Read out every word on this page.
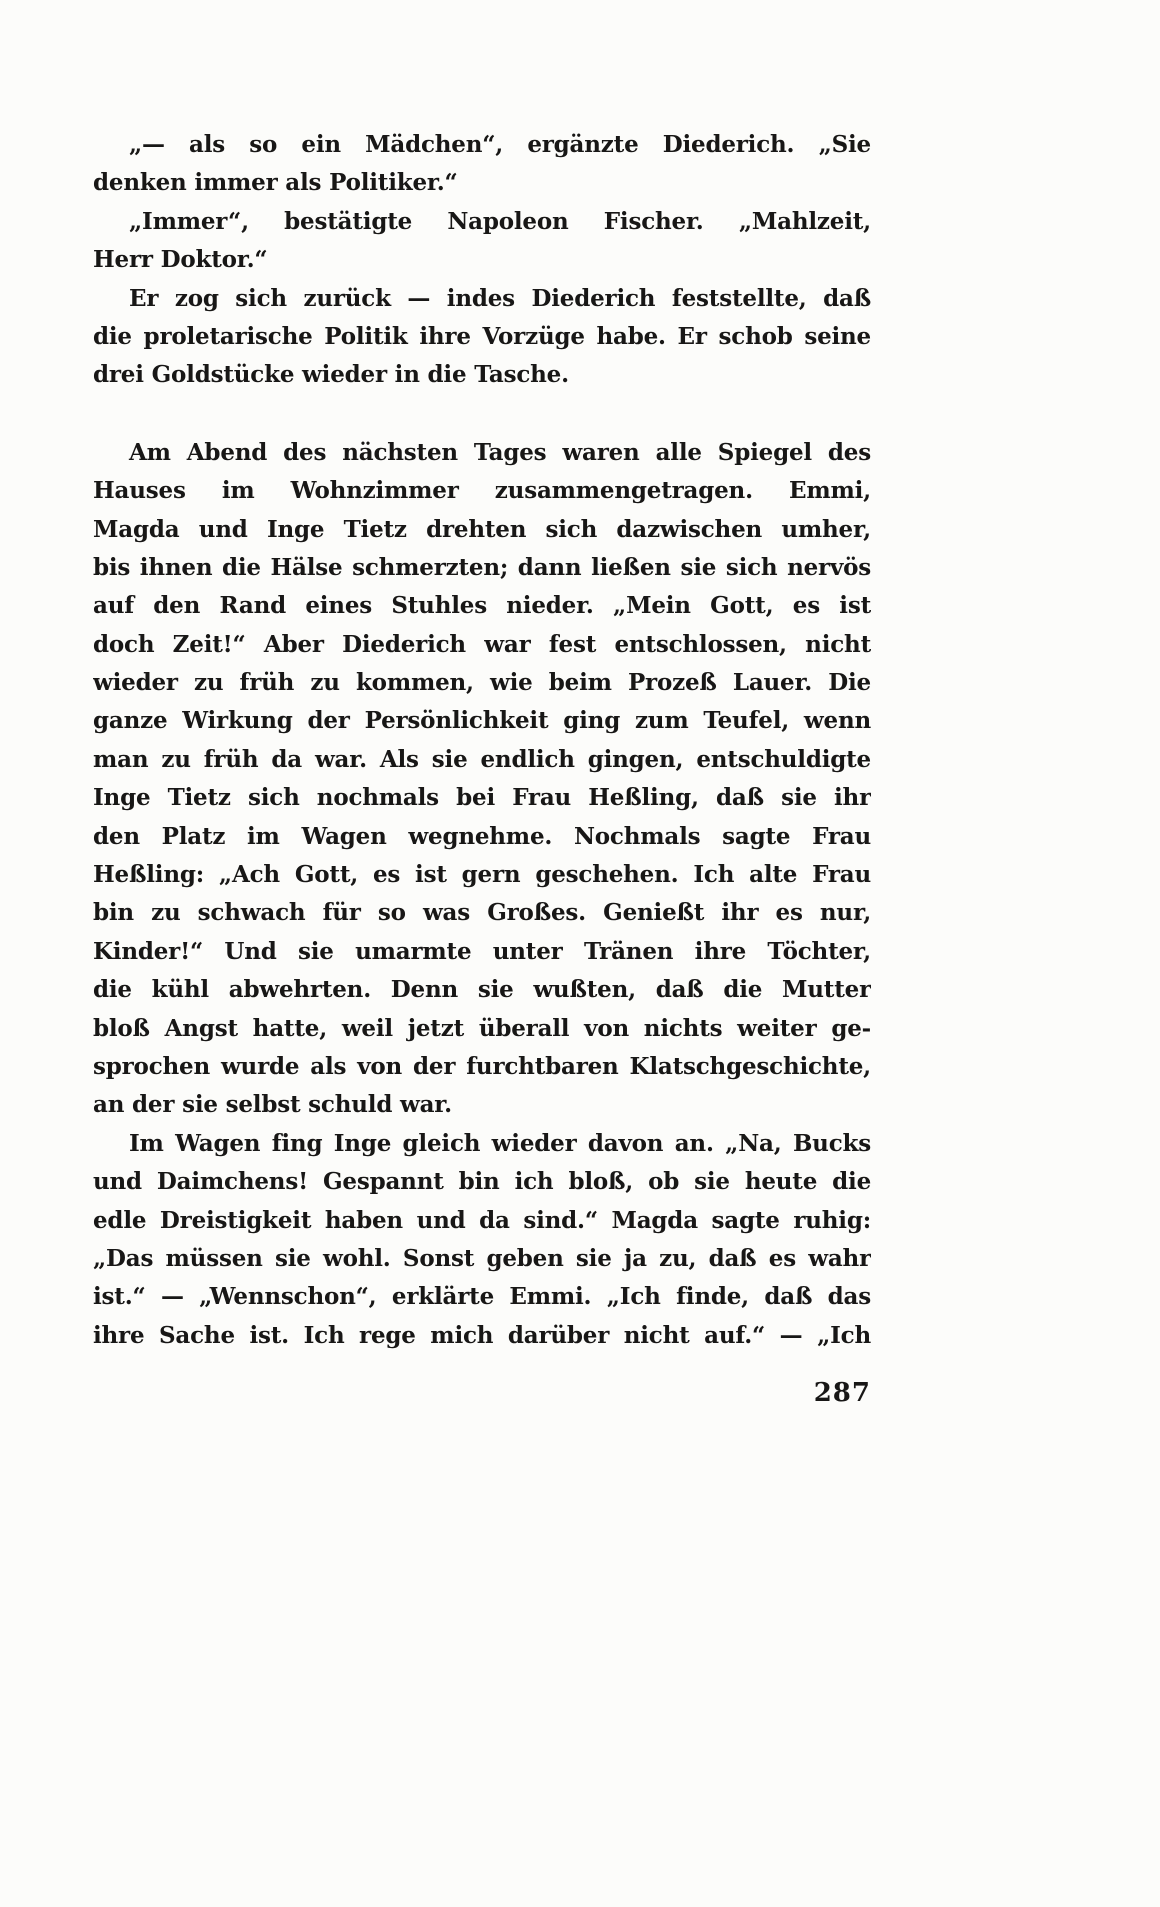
„— als so ein Mädchen“, ergänzte Diederich. „Sie
denken immer als Politiker.“
„Immer“, bestätigte Napoleon Fischer. „Mahlzeit,
Herr Doktor.“
Er zog sich zurück — indes Diederich feststellte, daß
die proletarische Politik ihre Vorzüge habe. Er schob seine
drei Goldstücke wieder in die Tasche.
Am Abend des nächsten Tages waren alle Spiegel des
Hauses im Wohnzimmer zusammengetragen. Emmi,
Magda und Inge Tietz drehten sich dazwischen umher,
bis ihnen die Hälse schmerzten; dann ließen sie sich nervös
auf den Rand eines Stuhles nieder. „Mein Gott, es ist
doch Zeit!“ Aber Diederich war fest entschlossen, nicht
wieder zu früh zu kommen, wie beim Prozeß Lauer. Die
ganze Wirkung der Persönlichkeit ging zum Teufel, wenn
man zu früh da war. Als sie endlich gingen, entschuldigte
Inge Tietz sich nochmals bei Frau Heßling, daß sie ihr
den Platz im Wagen wegnehme. Nochmals sagte Frau
Heßling: „Ach Gott, es ist gern geschehen. Ich alte Frau
bin zu schwach für so was Großes. Genießt ihr es nur,
Kinder!“ Und sie umarmte unter Tränen ihre Töchter,
die kühl abwehrten. Denn sie wußten, daß die Mutter
bloß Angst hatte, weil jetzt überall von nichts weiter ge-
sprochen wurde als von der furchtbaren Klatschgeschichte,
an der sie selbst schuld war.
Im Wagen fing Inge gleich wieder davon an. „Na, Bucks
und Daimchens! Gespannt bin ich bloß, ob sie heute die
edle Dreistigkeit haben und da sind.“ Magda sagte ruhig:
„Das müssen sie wohl. Sonst geben sie ja zu, daß es wahr
ist.“ — „Wennschon“, erklärte Emmi. „Ich finde, daß das
ihre Sache ist. Ich rege mich darüber nicht auf.“ — „Ich
287
